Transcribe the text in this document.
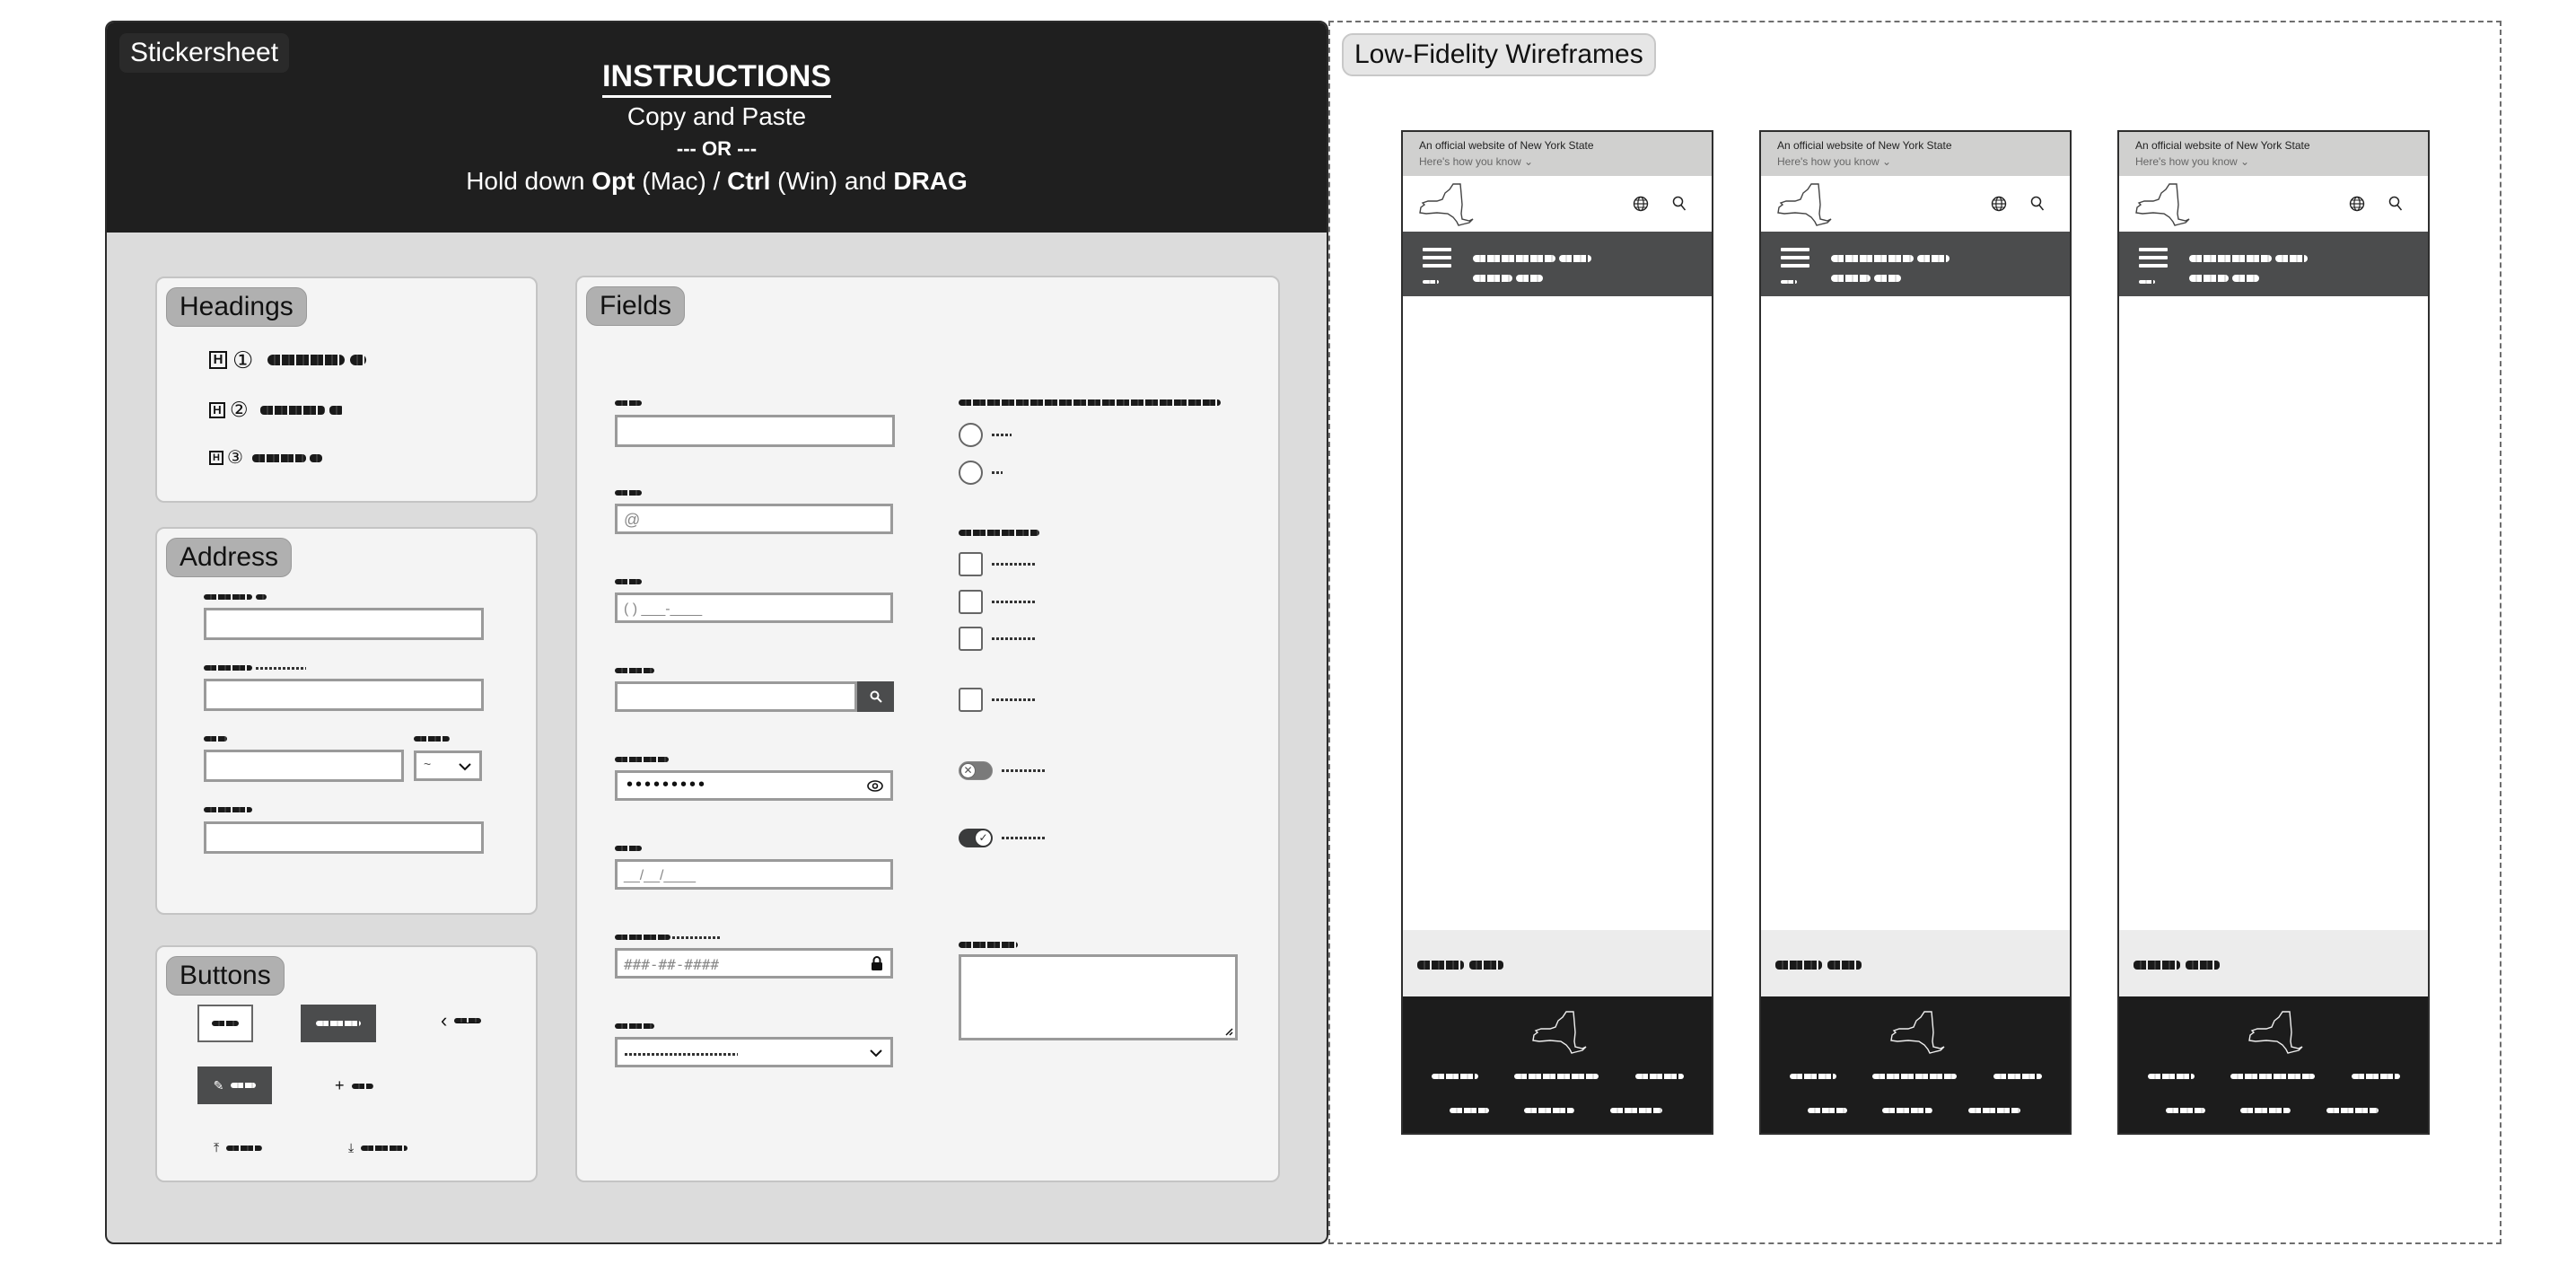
Stickersheet
INSTRUCTIONS
Copy and Paste
--- OR ---
Hold down Opt (Mac) / Ctrl (Win) and DRAG
Headings
H ①
H ②
H ③
Address
~
Buttons
‹
✎	+
⤒	⤓
Fields
@
( ) ___-____
•••••••••
__/__/____
###-##-####
✕
✓
Low-Fidelity Wireframes
An official website of New York State
Here's how you know ⌄
An official website of New York State
Here's how you know ⌄
An official website of New York State
Here's how you know ⌄
